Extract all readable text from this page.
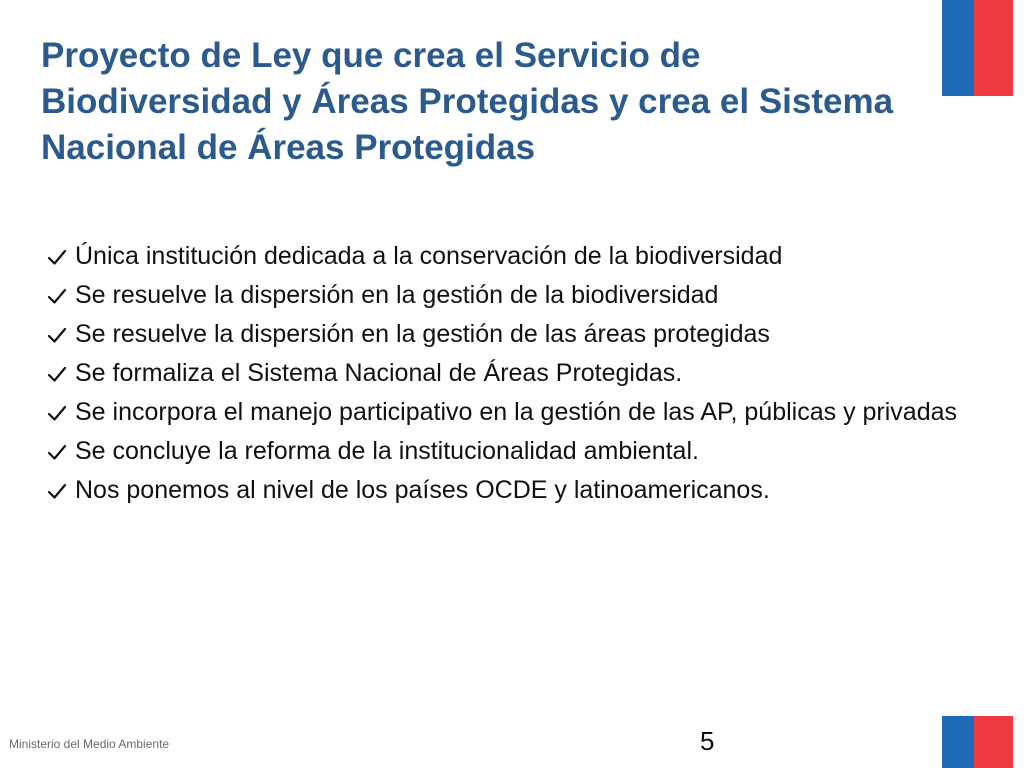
Proyecto de Ley que crea el Servicio de Biodiversidad y Áreas Protegidas y crea el Sistema Nacional de Áreas Protegidas
Única institución dedicada a la conservación de la biodiversidad
Se resuelve la dispersión en la gestión de la biodiversidad
Se resuelve la dispersión en la gestión de las áreas protegidas
Se formaliza el Sistema Nacional de Áreas Protegidas.
Se incorpora el manejo participativo en la gestión de las AP, públicas y privadas
Se concluye la reforma de la institucionalidad ambiental.
Nos ponemos al nivel de los países OCDE y latinoamericanos.
Ministerio del Medio Ambiente	5
